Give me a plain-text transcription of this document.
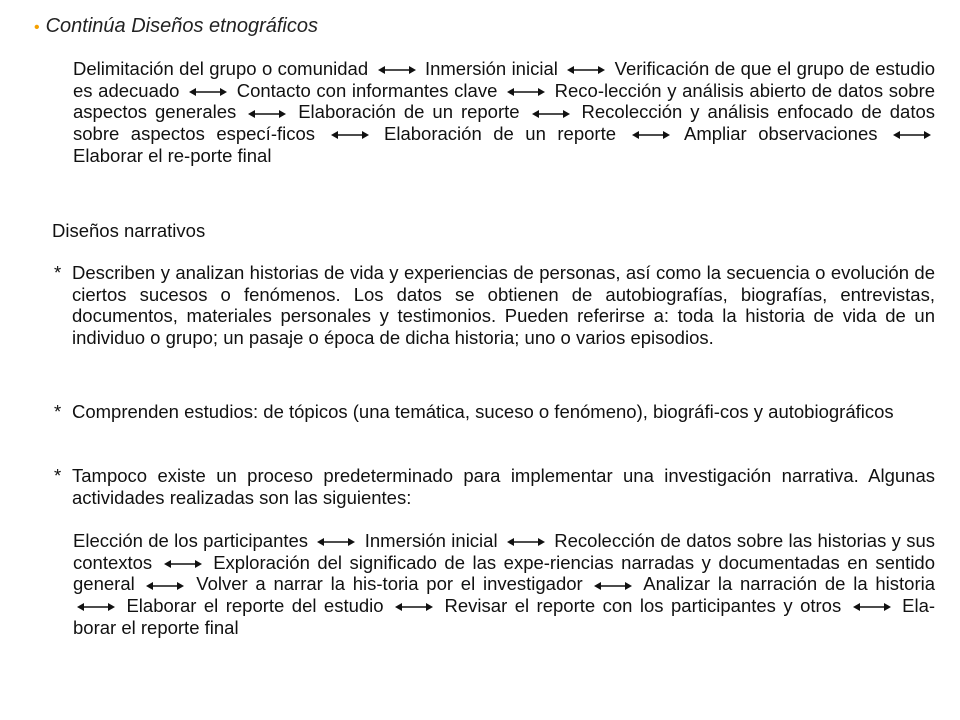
• Continúa Diseños etnográficos
Delimitación del grupo o comunidad	Inmersión inicial	Verificación de que el grupo de estudio es adecuado	Contacto con informantes clave	Reco-lección y análisis abierto de datos sobre aspectos generales	Elaboración de un reporte	Recolección y análisis enfocado de datos sobre aspectos especí-ficos	Elaboración de un reporte	Ampliar observaciones
Elaborar el re-porte final
Diseños narrativos
* Describen y analizan historias de vida y experiencias de personas, así como la secuencia o evolución de ciertos sucesos o fenómenos. Los datos se obtienen de autobiografías, biografías, entrevistas, documentos, materiales personales y testimonios. Pueden referirse a: toda la historia de vida de un individuo o grupo; un pasaje o época de dicha historia; uno o varios episodios.
* Comprenden estudios: de tópicos (una temática, suceso o fenómeno), biográfi-cos y autobiográficos
* Tampoco existe un proceso predeterminado para implementar una investigación narrativa. Algunas actividades realizadas son las siguientes:
Elección de los participantes	Inmersión inicial	Recolección de datos sobre las historias y sus contextos	Exploración del significado de las expe-riencias narradas y documentadas en sentido general	Volver a narrar la his-toria por el investigador	Analizar la narración de la historia
Elaborar el reporte del estudio	Revisar el reporte con los participantes y otros	Ela-borar el reporte final
